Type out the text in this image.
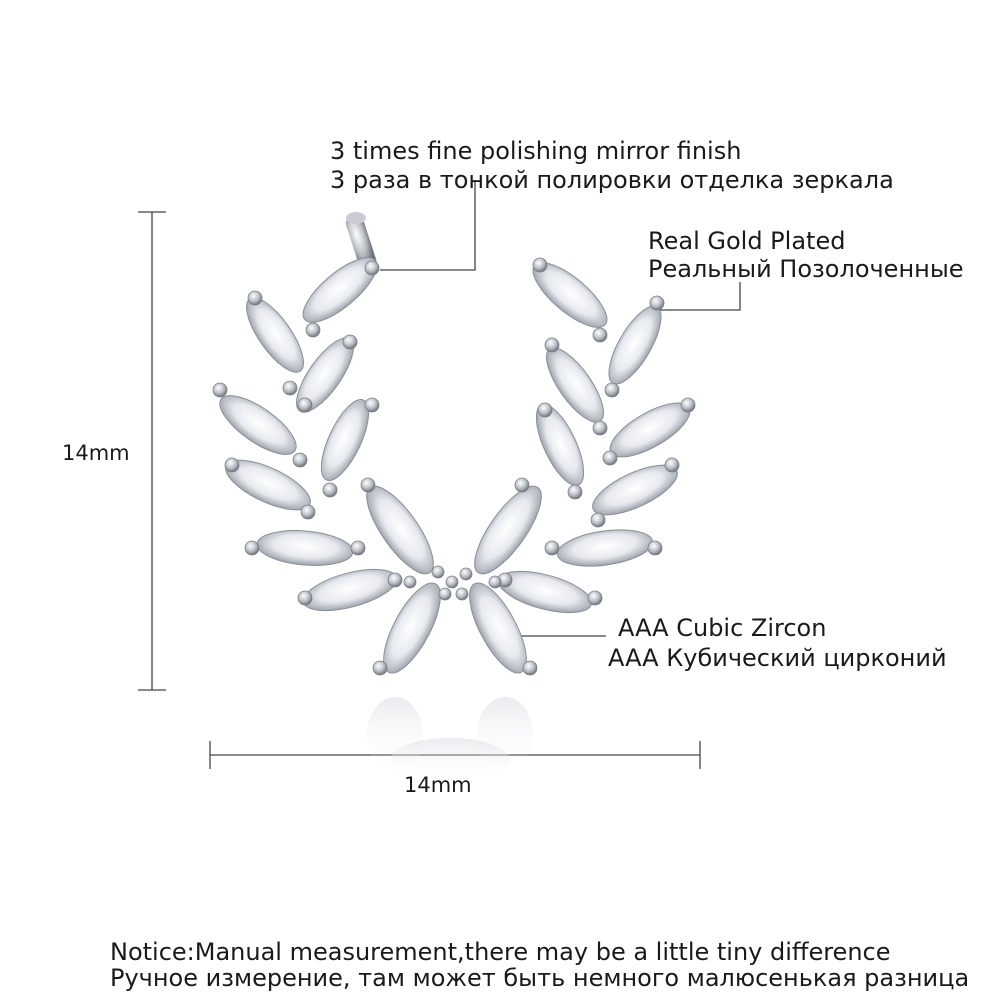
3 times fine polishing mirror finish
3 раза в тонкой полировки отделка зеркала
Real Gold Plated
Реальный Позолоченные
AAA Cubic Zircon
AAA Кубический цирконий
14mm
14mm
Notice:Manual measurement,there may be a little tiny difference
Ручное измерение, там может быть немного малюсенькая разница
